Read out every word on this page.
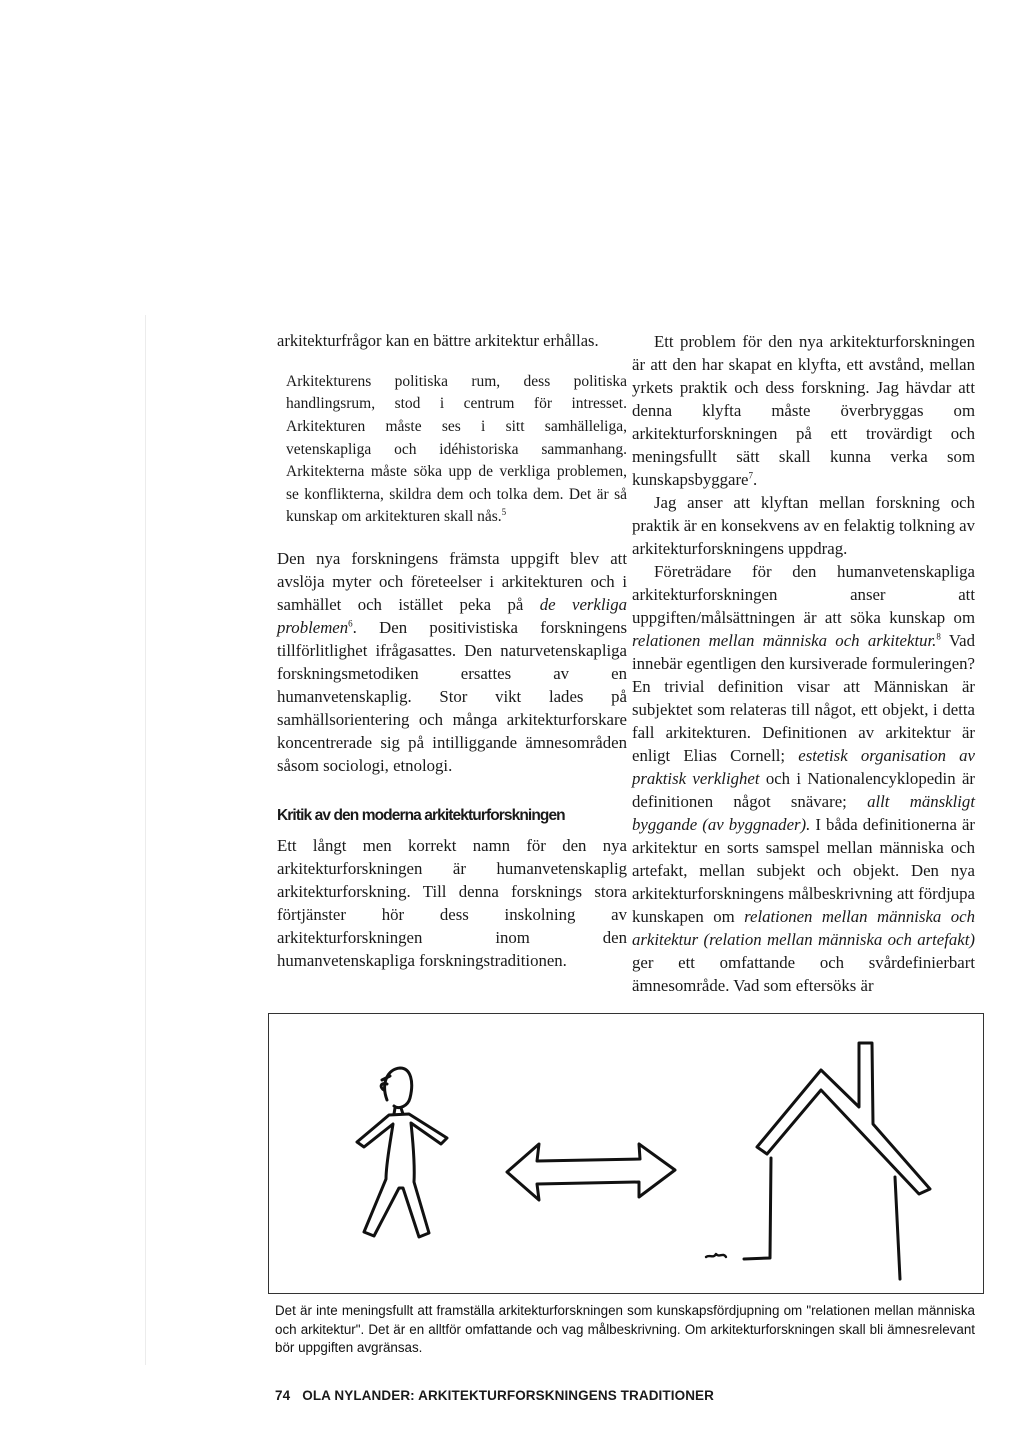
arkitekturfrågor kan en bättre arkitektur erhållas.

Arkitekturens politiska rum, dess politiska handlingsrum, stod i centrum för intresset. Arkitekturen måste ses i sitt samhälleliga, vetenskapliga och idéhistoriska sammanhang. Arkitekterna måste söka upp de verkliga problemen, se konflikterna, skildra dem och tolka dem. Det är så kunskap om arkitekturen skall nås.$^5$

Den nya forskningens främsta uppgift blev att avslöja myter och företeelser i arkitekturen och i samhället och istället peka på de verkliga problemen$^6$. Den positivistiska forskningens tillförlitlighet ifrågasattes. Den naturvetenskapliga forskningsmetodiken ersattes av en humanvetenskaplig. Stor vikt lades på samhällsorientering och många arkitekturforskare koncentrerade sig på intilliggande ämnesområden såsom sociologi, etnologi.

Kritik av den moderna arkitekturforskningen

Ett långt men korrekt namn för den nya arkitekturforskningen är humanvetenskaplig arkitekturforskning. Till denna forsknings stora förtjänster hör dess inskolning av arkitekturforskningen inom den humanvetenskapliga forskningstraditionen.

Ett problem för den nya arkitekturforskningen är att den har skapat en klyfta, ett avstånd, mellan yrkets praktik och dess forskning. Jag hävdar att denna klyfta måste överbryggas om arkitekturforskningen på ett trovärdigt och meningsfullt sätt skall kunna verka som kunskapsbyggare$^7$.

Jag anser att klyftan mellan forskning och praktik är en konsekvens av en felaktig tolkning av arkitekturforskningens uppdrag.

Företrädare för den humanvetenskapliga arkitekturforskningen anser att uppgiften/målsättningen är att söka kunskap om relationen mellan människa och arkitektur.$^8$ Vad innebär egentligen den kursiverade formuleringen? En trivial definition visar att Människan är subjektet som relateras till något, ett objekt, i detta fall arkitekturen. Definitionen av arkitektur är enligt Elias Cornell; estetisk organisation av praktisk verklighet och i Nationalencyklopedin är definitionen något snävare; allt mänskligt byggande (av byggnader). I båda definitionerna är arkitektur en sorts samspel mellan människa och artefakt, mellan subjekt och objekt. Den nya arkitekturforskningens målbeskrivning att fördjupa kunskapen om relationen mellan människa och arkitektur (relation mellan människa och artefakt) ger ett omfattande och svårdefinierbart ämnesområde. Vad som eftersöks är

Det är inte meningsfullt att framställa arkitekturforskningen som kunskapsfördjupning om "relationen mellan människa och arkitektur". Det är en alltför omfattande och vag målbeskrivning. Om arkitekturforskningen skall bli ämnesrelevant bör uppgiften avgränsas.
74 OLA NYLANDER: ARKITEKTURFORSKNINGENS TRADITIONER
